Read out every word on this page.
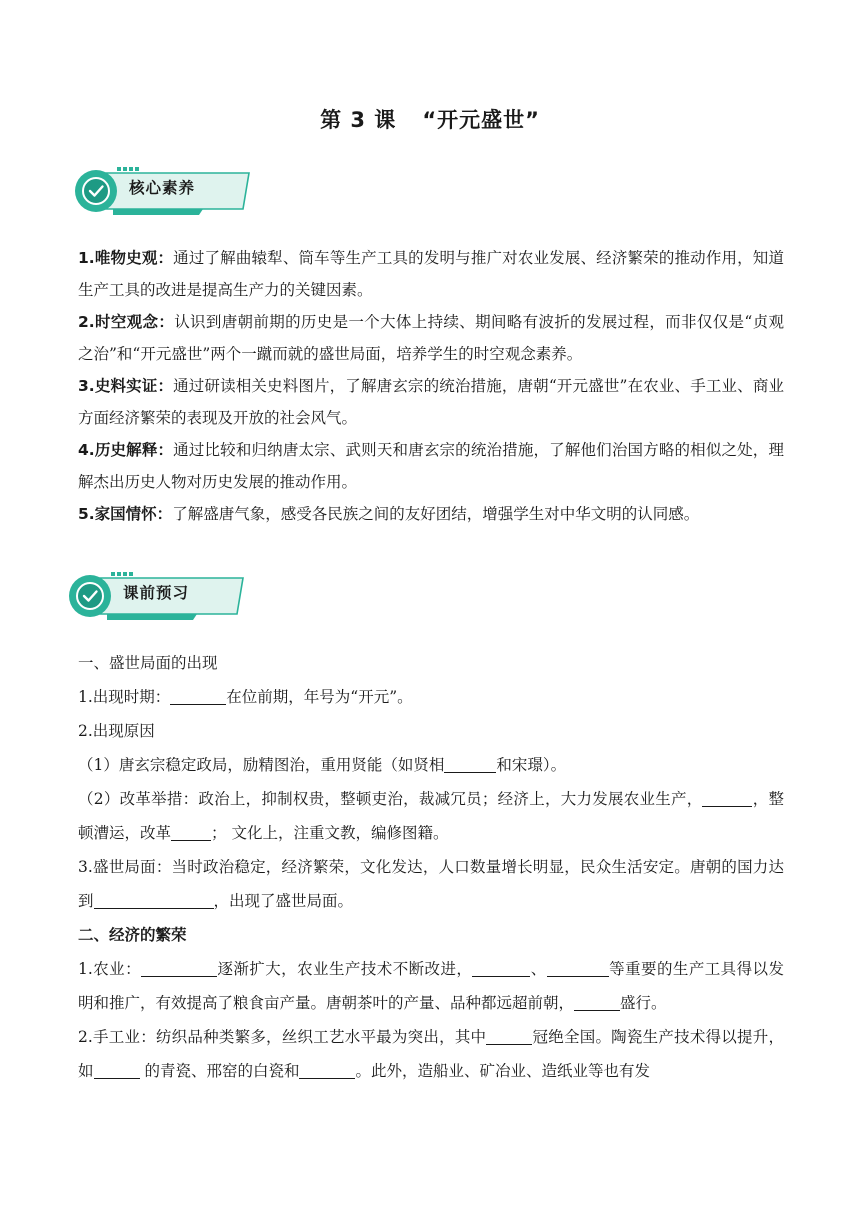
第 3 课 “开元盛世”
核心素养
1.唯物史观：通过了解曲辕犁、筒车等生产工具的发明与推广对农业发展、经济繁荣的推动作用，知道生产工具的改进是提高生产力的关键因素。
2.时空观念：认识到唐朝前期的历史是一个大体上持续、期间略有波折的发展过程，而非仅仅是“贞观之治”和“开元盛世”两个一蹴而就的盛世局面，培养学生的时空观念素养。
3.史料实证：通过研读相关史料图片，了解唐玄宗的统治措施，唐朝“开元盛世”在农业、手工业、商业方面经济繁荣的表现及开放的社会风气。
4.历史解释：通过比较和归纳唐太宗、武则天和唐玄宗的统治措施，了解他们治国方略的相似之处，理解杰出历史人物对历史发展的推动作用。
5.家国情怀：了解盛唐气象，感受各民族之间的友好团结，增强学生对中华文明的认同感。
课前预习
一、盛世局面的出现
1.出现时期：	在位前期，年号为“开元”。
2.出现原因
（1）唐玄宗稳定政局，励精图治，重用贤能（如贤相	和宋璟）。
（2）改革举措：政治上，抑制权贵，整顿吏治，裁减冗员；经济上，大力发展农业生产，	，整顿漕运，改革	； 文化上，注重文教，编修图籍。
3.盛世局面：当时政治稳定，经济繁荣，文化发达，人口数量增长明显，民众生活安定。唐朝的国力达到	，出现了盛世局面。
二、经济的繁荣
1.农业：	逐渐扩大，农业生产技术不断改进，	、	等重要的生产工具得以发明和推广，有效提高了粮食亩产量。唐朝茶叶的产量、品种都远超前朝，	盛行。
2.手工业：纺织品种类繁多，丝织工艺水平最为突出，其中	冠绝全国。陶瓷生产技术得以提升，如	的青瓷、邢窑的白瓷和	。此外，造船业、矿冶业、造纸业等也有发
